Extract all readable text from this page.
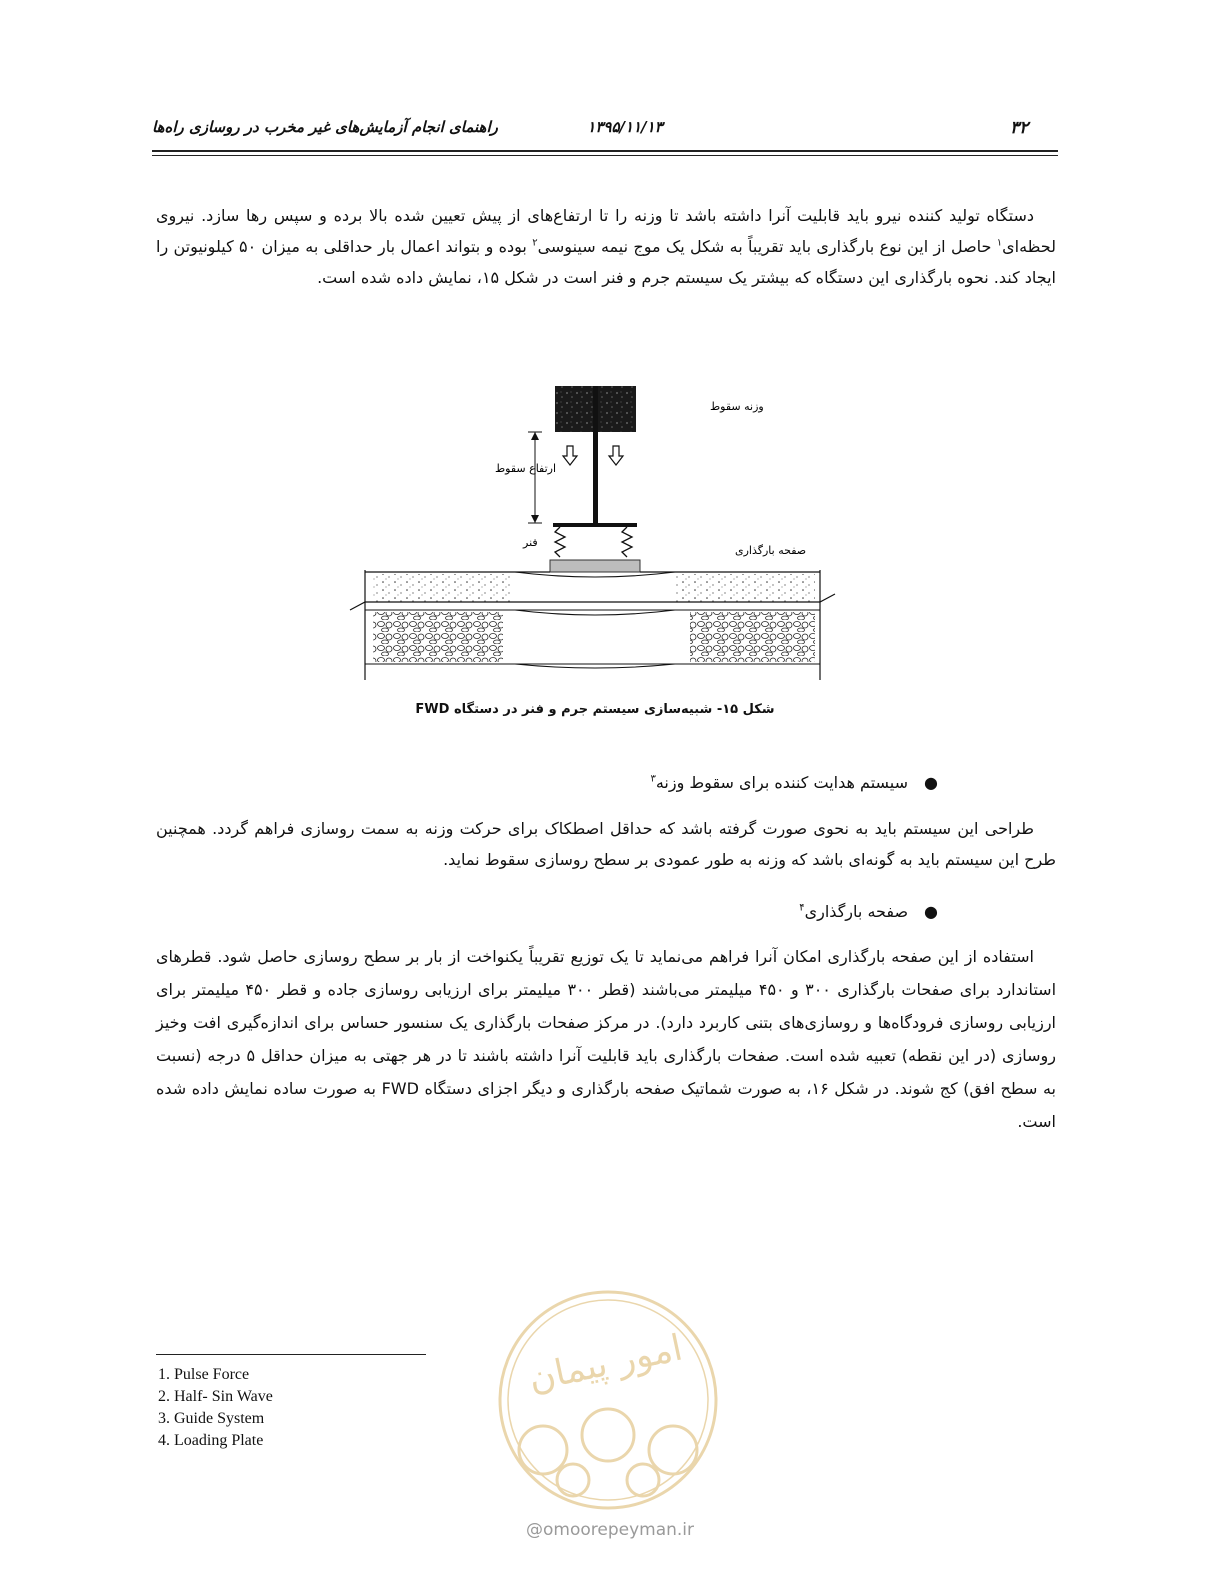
۳۲
۱۳۹۵/۱۱/۱۳
راهنمای انجام آزمایش‌های غیر مخرب در روسازی راه‌ها

دستگاه تولید کننده نیرو باید قابلیت آنرا داشته باشد تا وزنه را تا ارتفاع‌های از پیش تعیین شده بالا برده و سپس رها سازد. نیروی لحظه‌ای$^۱$ حاصل از این نوع بارگذاری باید تقریباً به شکل یک موج نیمه سینوسی$^۲$ بوده و بتواند اعمال بار حداقلی به میزان ۵۰ کیلونیوتن را ایجاد کند. نحوه بارگذاری این دستگاه که بیشتر یک سیستم جرم و فنر است در شکل ۱۵، نمایش داده شده است.

وزنه سقوط
ارتفاع سقوط
فنر
صفحه بارگذاری
شکل ۱۵- شبیه‌سازی سیستم جرم و فنر در دستگاه FWD
●سیستم هدایت کننده برای سقوط وزنه$^۳$

طراحی این سیستم باید به نحوی صورت گرفته باشد که حداقل اصطکاک برای حرکت وزنه به سمت روسازی فراهم گردد. همچنین طرح این سیستم باید به گونه‌ای باشد که وزنه به طور عمودی بر سطح روسازی سقوط نماید.

●صفحه بارگذاری$^۴$

استفاده از این صفحه بارگذاری امکان آنرا فراهم می‌نماید تا یک توزیع تقریباً یکنواخت از بار بر سطح روسازی حاصل شود. قطرهای استاندارد برای صفحات بارگذاری ۳۰۰ و ۴۵۰ میلیمتر می‌باشند (قطر ۳۰۰ میلیمتر برای ارزیابی روسازی جاده و قطر ۴۵۰ میلیمتر برای ارزیابی روسازی فرودگاه‌ها و روسازی‌های بتنی کاربرد دارد). در مرکز صفحات بارگذاری یک سنسور حساس برای اندازه‌گیری افت وخیز روسازی (در این نقطه) تعبیه شده است. صفحات بارگذاری باید قابلیت آنرا داشته باشند تا در هر جهتی به میزان حداقل ۵ درجه (نسبت به سطح افق) کج شوند. در شکل ۱۶، به صورت شماتیک صفحه بارگذاری و دیگر اجزای دستگاه FWD به صورت ساده نمایش داده شده است.

امور پیمان
@omoorepeyman.ir
1. Pulse Force
2. Half- Sin Wave
3. Guide System
4. Loading Plate
